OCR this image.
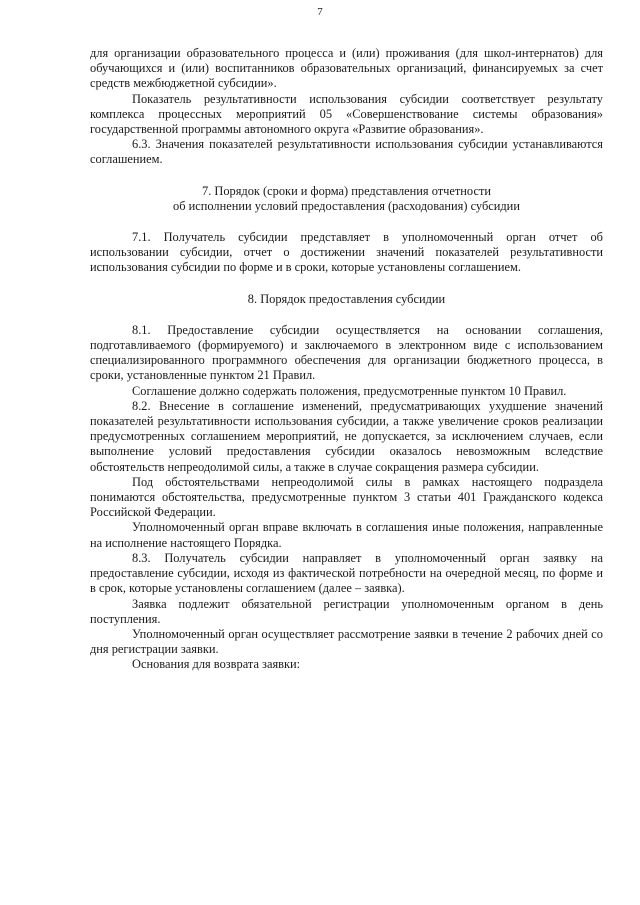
7

для организации образовательного процесса и (или) проживания (для школ-интернатов) для обучающихся и (или) воспитанников образовательных организаций, финансируемых за счет средств межбюджетной субсидии».

Показатель результативности использования субсидии соответствует результату комплекса процессных мероприятий 05 «Совершенствование системы образования» государственной программы автономного округа «Развитие образования».

6.3. Значения показателей результативности использования субсидии устанавливаются соглашением.

7. Порядок (сроки и форма) представления отчетности
об исполнении условий предоставления (расходования) субсидии

7.1. Получатель субсидии представляет в уполномоченный орган отчет об использовании субсидии, отчет о достижении значений показателей результативности использования субсидии по форме и в сроки, которые установлены соглашением.

8. Порядок предоставления субсидии

8.1. Предоставление субсидии осуществляется на основании соглашения, подготавливаемого (формируемого) и заключаемого в электронном виде с использованием специализированного программного обеспечения для организации бюджетного процесса, в сроки, установленные пунктом 21 Правил.

Соглашение должно содержать положения, предусмотренные пунктом 10 Правил.

8.2. Внесение в соглашение изменений, предусматривающих ухудшение значений показателей результативности использования субсидии, а также увеличение сроков реализации предусмотренных соглашением мероприятий, не допускается, за исключением случаев, если выполнение условий предоставления субсидии оказалось невозможным вследствие обстоятельств непреодолимой силы, а также в случае сокращения размера субсидии.

Под обстоятельствами непреодолимой силы в рамках настоящего подраздела понимаются обстоятельства, предусмотренные пунктом 3 статьи 401 Гражданского кодекса Российской Федерации.

Уполномоченный орган вправе включать в соглашения иные положения, направленные на исполнение настоящего Порядка.

8.3. Получатель субсидии направляет в уполномоченный орган заявку на предоставление субсидии, исходя из фактической потребности на очередной месяц, по форме и в срок, которые установлены соглашением (далее – заявка).

Заявка подлежит обязательной регистрации уполномоченным органом в день поступления.

Уполномоченный орган осуществляет рассмотрение заявки в течение 2 рабочих дней со дня регистрации заявки.

Основания для возврата заявки:
